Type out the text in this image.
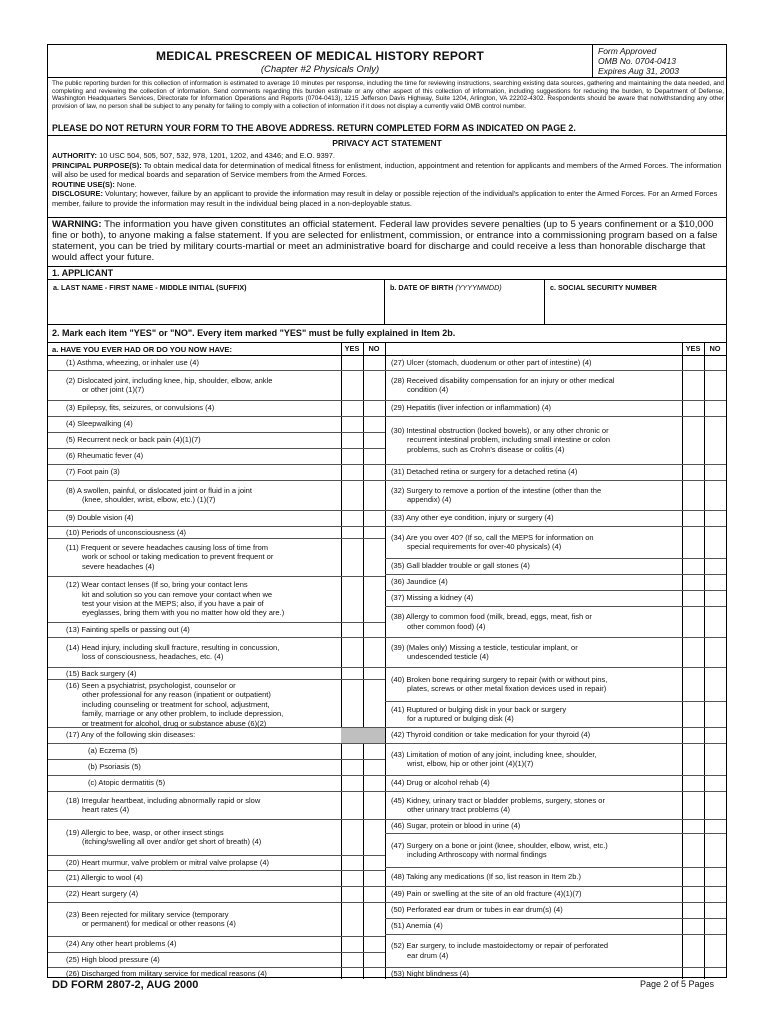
MEDICAL PRESCREEN OF MEDICAL HISTORY REPORT
(Chapter #2 Physicals Only)
Form Approved
OMB No. 0704-0413
Expires Aug 31, 2003
The public reporting burden for this collection of information is estimated to average 10 minutes per response, including the time for reviewing instructions, searching existing data sources, gathering and maintaining the data needed, and completing and reviewing the collection of information. Send comments regarding this burden estimate or any other aspect of this collection of information, including suggestions for reducing the burden, to Department of Defense, Washington Headquarters Services, Directorate for Information Operations and Reports (0704-0413), 1215 Jefferson Davis Highway, Suite 1204, Arlington, VA 22202-4302. Respondents should be aware that notwithstanding any other provision of law, no person shall be subject to any penalty for failing to comply with a collection of information if it does not display a currently valid OMB control number.
PLEASE DO NOT RETURN YOUR FORM TO THE ABOVE ADDRESS. RETURN COMPLETED FORM AS INDICATED ON PAGE 2.
PRIVACY ACT STATEMENT
AUTHORITY: 10 USC 504, 505, 507, 532, 978, 1201, 1202, and 4346; and E.O. 9397.
PRINCIPAL PURPOSE(S): To obtain medical data for determination of medical fitness for enlistment, induction, appointment and retention for applicants and members of the Armed Forces. The information will also be used for medical boards and separation of Service members from the Armed Forces.
ROUTINE USE(S): None.
DISCLOSURE: Voluntary; however, failure by an applicant to provide the information may result in delay or possible rejection of the individual's application to enter the Armed Forces. For an Armed Forces member, failure to provide the information may result in the individual being placed in a non-deployable status.
WARNING: The information you have given constitutes an official statement. Federal law provides severe penalties (up to 5 years confinement or a $10,000 fine or both), to anyone making a false statement. If you are selected for enlistment, commission, or entrance into a commissioning program based on a false statement, you can be tried by military courts-martial or meet an administrative board for discharge and could receive a less than honorable discharge that would affect your future.
1. APPLICANT
a. LAST NAME - FIRST NAME - MIDDLE INITIAL (SUFFIX)	b. DATE OF BIRTH (YYYYMMDD)	c. SOCIAL SECURITY NUMBER
2. Mark each item "YES" or "NO". Every item marked "YES" must be fully explained in Item 2b.
a. HAVE YOU EVER HAD OR DO YOU NOW HAVE:	YES	NO	YES	NO
(1) Asthma, wheezing, or inhaler use (4)
(2) Dislocated joint, including knee, hip, shoulder, elbow, ankle
or other joint (1)(7)
(3) Epilepsy, fits, seizures, or convulsions (4)
(4) Sleepwalking (4)
(5) Recurrent neck or back pain (4)(1)(7)
(6) Rheumatic fever (4)
(7) Foot pain (3)
(8) A swollen, painful, or dislocated joint or fluid in a joint
(knee, shoulder, wrist, elbow, etc.) (1)(7)
(9) Double vision (4)
(10) Periods of unconsciousness (4)
(11) Frequent or severe headaches causing loss of time from
work or school or taking medication to prevent frequent or
severe headaches (4)
(12) Wear contact lenses (If so, bring your contact lens
kit and solution so you can remove your contact when we
test your vision at the MEPS; also, if you have a pair of
eyeglasses, bring them with you no matter how old they are.)
(13) Fainting spells or passing out (4)
(14) Head injury, including skull fracture, resulting in concussion,
loss of consciousness, headaches, etc. (4)
(15) Back surgery (4)
(16) Seen a psychiatrist, psychologist, counselor or
other professional for any reason (inpatient or outpatient)
including counseling or treatment for school, adjustment,
family, marriage or any other problem, to include depression,
or treatment for alcohol, drug or substance abuse (6)(2)
(17) Any of the following skin diseases:
(a) Eczema (5)
(b) Psoriasis (5)
(c) Atopic dermatitis (5)
(18) Irregular heartbeat, including abnormally rapid or slow
heart rates (4)
(19) Allergic to bee, wasp, or other insect stings
(itching/swelling all over and/or get short of breath) (4)
(20) Heart murmur, valve problem or mitral valve prolapse (4)
(21) Allergic to wool (4)
(22) Heart surgery (4)
(23) Been rejected for military service (temporary
or permanent) for medical or other reasons (4)
(24) Any other heart problems (4)
(25) High blood pressure (4)
(26) Discharged from military service for medical reasons (4)
(27) Ulcer (stomach, duodenum or other part of intestine) (4)
(28) Received disability compensation for an injury or other medical
condition (4)
(29) Hepatitis (liver infection or inflammation) (4)
(30) Intestinal obstruction (locked bowels), or any other chronic or
recurrent intestinal problem, including small intestine or colon
problems, such as Crohn's disease or colitis (4)
(31) Detached retina or surgery for a detached retina (4)
(32) Surgery to remove a portion of the intestine (other than the
appendix) (4)
(33) Any other eye condition, injury or surgery (4)
(34) Are you over 40? (If so, call the MEPS for information on
special requirements for over-40 physicals) (4)
(35) Gall bladder trouble or gall stones (4)
(36) Jaundice (4)
(37) Missing a kidney (4)
(38) Allergy to common food (milk, bread, eggs, meat, fish or
other common food) (4)
(39) (Males only) Missing a testicle, testicular implant, or
undescended testicle (4)
(40) Broken bone requiring surgery to repair (with or without pins,
plates, screws or other metal fixation devices used in repair)
(41) Ruptured or bulging disk in your back or surgery
for a ruptured or bulging disk (4)
(42) Thyroid condition or take medication for your thyroid (4)
(43) Limitation of motion of any joint, including knee, shoulder,
wrist, elbow, hip or other joint (4)(1)(7)
(44) Drug or alcohol rehab (4)
(45) Kidney, urinary tract or bladder problems, surgery, stones or
other urinary tract problems (4)
(46) Sugar, protein or blood in urine (4)
(47) Surgery on a bone or joint (knee, shoulder, elbow, wrist, etc.)
including Arthroscopy with normal findings
(48) Taking any medications (If so, list reason in Item 2b.)
(49) Pain or swelling at the site of an old fracture (4)(1)(7)
(50) Perforated ear drum or tubes in ear drum(s) (4)
(51) Anemia (4)
(52) Ear surgery, to include mastoidectomy or repair of perforated
ear drum (4)
(53) Night blindness (4)
DD FORM 2807-2, AUG 2000	Page 2 of 5 Pages
